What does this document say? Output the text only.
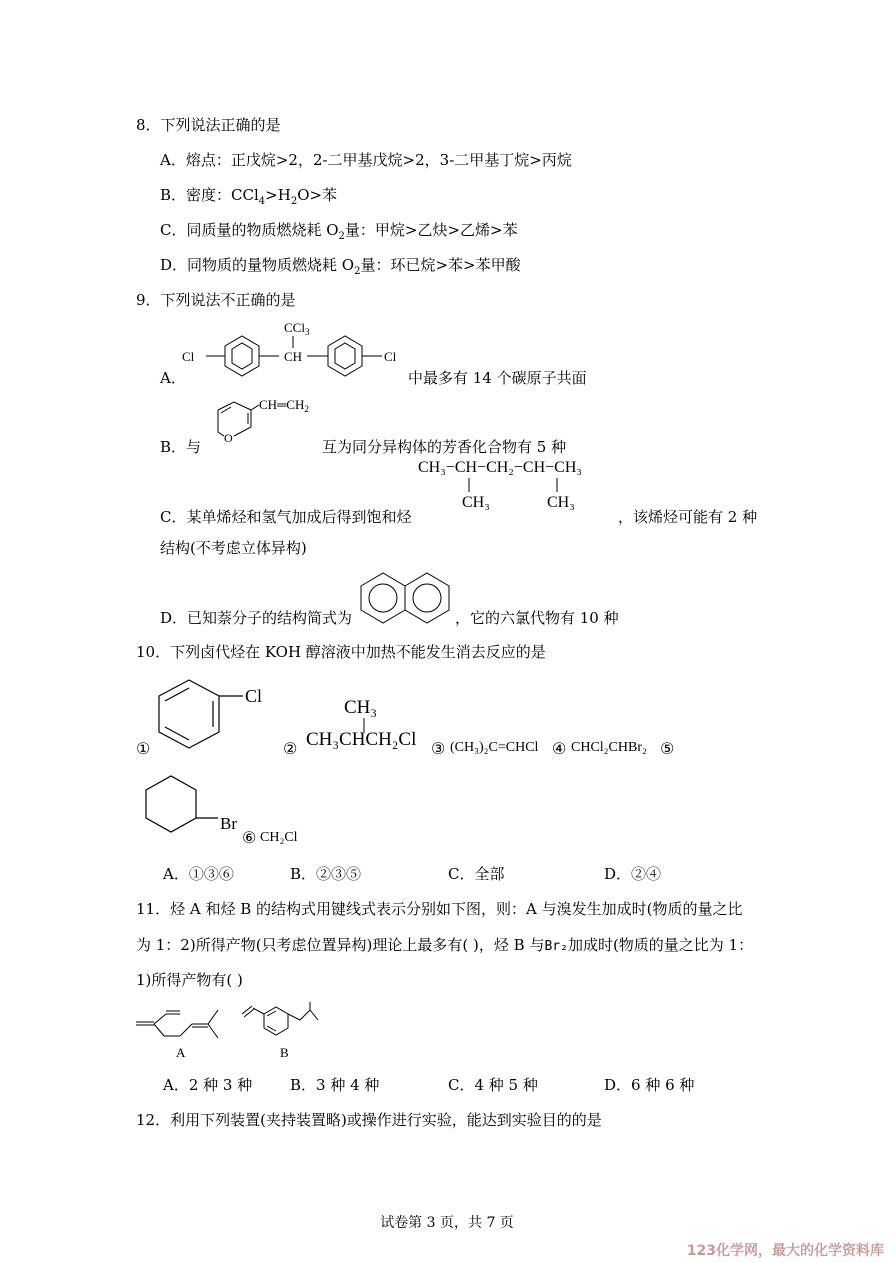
8．下列说法正确的是
A．熔点：正戊烷>2，2-二甲基戊烷>2，3-二甲基丁烷>丙烷
B．密度：$CCl_4>H_2O>$苯
C．同质量的物质燃烧耗 $O_2$量：甲烷>乙炔>乙烯>苯
D．同物质的量物质燃烧耗 $O_2$量：环已烷>苯>苯甲酸
9．下列说法不正确的是
A．
Cl	CH	Cl
CCl$_3$
中最多有 14 个碳原子共面
B．与 O
$CH═CH_2$
互为同分异构体的芳香化合物有 5 种
CH₃−CH−CH₂−CH−CH₃
CH₃	CH₃
C．某单烯烃和氢气加成后得到饱和烃	，该烯烃可能有 2 种
结构(不考虑立体异构)
D．已知萘分子的结构简式为	，它的六氯代物有 10 种
10．下列卤代烃在 KOH 醇溶液中加热不能发生消去反应的是
①
Cl
②
CH₃
CH₃CHCH₂Cl ③ (CH₃)₂C=CHCl ④ CHCl₂CHBr₂ ⑤
Br
⑥ CH₂Cl
A．①③⑥	B．②③⑤	C．全部	D．②④
11．烃 A 和烃 B 的结构式用键线式表示分别如下图，则：A 与溴发生加成时(物质的量之比
为 1：2)所得产物(只考虑位置异构)理论上最多有( )，烃 B 与Br₂加成时(物质的量之比为 1：
1)所得产物有( )
A	B
A．2 种 3 种	B．3 种 4 种	C．4 种 5 种	D．6 种 6 种
12．利用下列装置(夹持装置略)或操作进行实验，能达到实验目的的是
试卷第 3 页，共 7 页
123化学网，最大的化学资料库
